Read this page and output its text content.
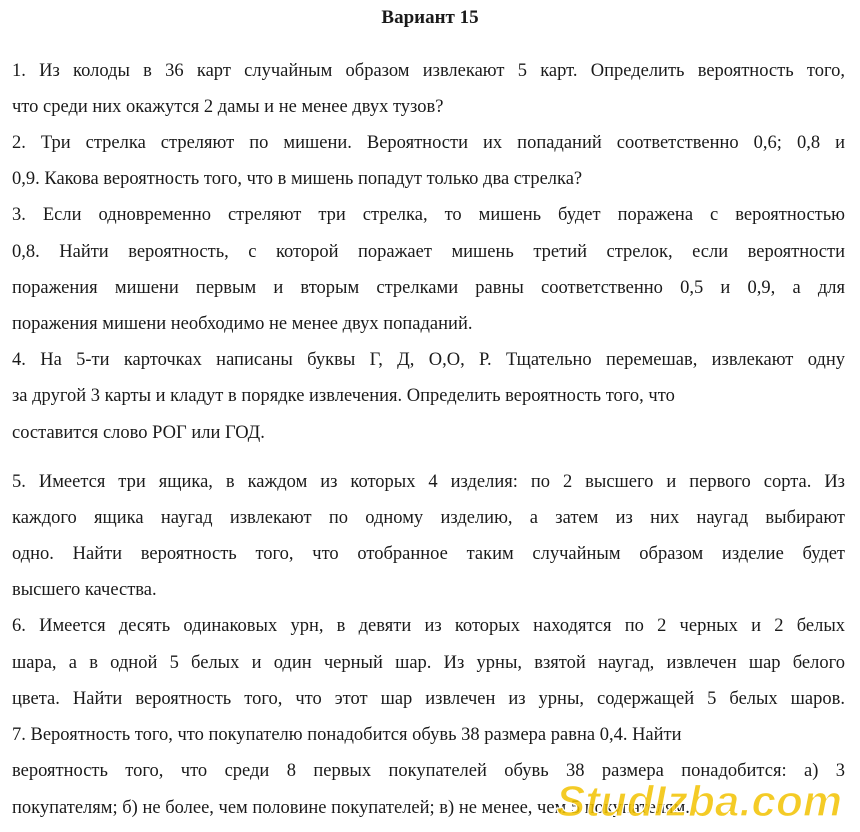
Вариант 15
1. Из колоды в 36 карт случайным образом извлекают 5 карт. Определить вероятность того,
что среди них окажутся 2 дамы и не менее двух тузов?
2. Три стрелка стреляют по мишени. Вероятности их попаданий соответственно 0,6; 0,8 и
0,9. Какова вероятность того, что в мишень попадут только два стрелка?
3. Если одновременно стреляют три стрелка, то мишень будет поражена с вероятностью
0,8. Найти вероятность, с которой поражает мишень третий стрелок, если вероятности
поражения мишени первым и вторым стрелками равны соответственно 0,5 и 0,9, а для
поражения мишени необходимо не менее двух попаданий.
4. На 5-ти карточках написаны буквы Г, Д, О,О, Р. Тщательно перемешав, извлекают одну
за другой 3 карты и кладут в порядке извлечения. Определить вероятность того, что
составится слово РОГ или ГОД.
5. Имеется три ящика, в каждом из которых 4 изделия: по 2 высшего и первого сорта. Из
каждого ящика наугад извлекают по одному изделию, а затем из них наугад выбирают
одно. Найти вероятность того, что отобранное таким случайным образом изделие будет
высшего качества.
6. Имеется десять одинаковых урн, в девяти из которых находятся по 2 черных и 2 белых
шара, а в одной 5 белых и один черный шар. Из урны, взятой наугад, извлечен шар белого
цвета. Найти вероятность того, что этот шар извлечен из урны, содержащей 5 белых шаров.
7. Вероятность того, что покупателю понадобится обувь 38 размера равна 0,4. Найти
вероятность того, что среди 8 первых покупателей обувь 38 размера понадобится: а) 3
покупателям; б) не более, чем половине покупателей; в) не менее, чем 5 покупателям.
StudIzba.com
